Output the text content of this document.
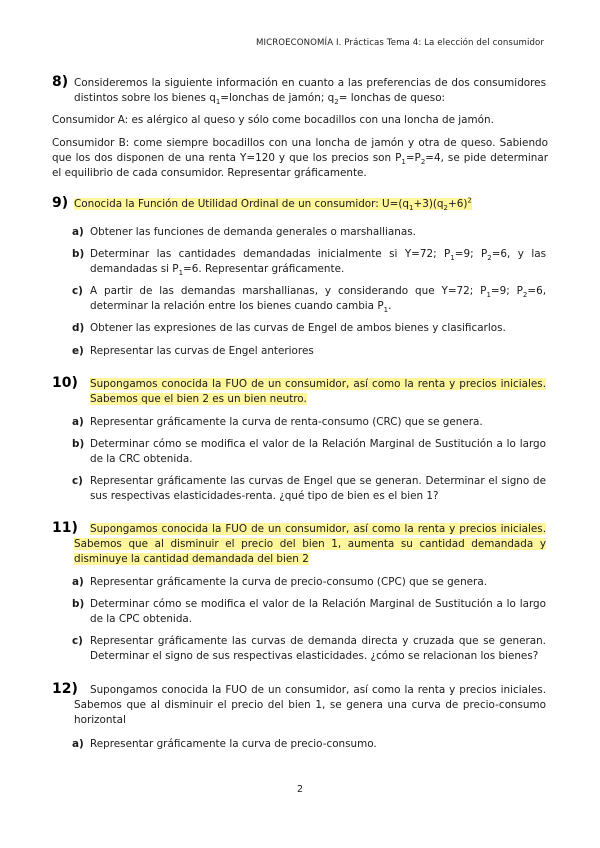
MICROECONOMÍA I. Prácticas Tema 4: La elección del consumidor
8) Consideremos la siguiente información en cuanto a las preferencias de dos consumidores distintos sobre los bienes $q_1=lonchas$ de jamón; $q_2=$ lonchas de queso:
Consumidor A: es alérgico al queso y sólo come bocadillos con una loncha de jamón.
Consumidor B: come siempre bocadillos con una loncha de jamón y otra de queso. Sabiendo que los dos disponen de una renta Y=120 y que los precios son $P_1=P_2=4$, se pide determinar el equilibrio de cada consumidor. Representar gráficamente.
9) Conocida la Función de Utilidad Ordinal de un consumidor: $U=(q_1+3)(q_2+6)^2$
a) Obtener las funciones de demanda generales o marshallianas.
b) Determinar las cantidades demandadas inicialmente si Y=72; $P_1=9$; $P_2=6$, y las demandadas si $P_1=6$. Representar gráficamente.
c) A partir de las demandas marshallianas, y considerando que Y=72; $P_1=9$; $P_2=6$, determinar la relación entre los bienes cuando cambia $P_1$.
d) Obtener las expresiones de las curvas de Engel de ambos bienes y clasificarlos.
e) Representar las curvas de Engel anteriores
10) Supongamos conocida la FUO de un consumidor, así como la renta y precios iniciales. Sabemos que el bien 2 es un bien neutro.
a) Representar gráficamente la curva de renta-consumo (CRC) que se genera.
b) Determinar cómo se modifica el valor de la Relación Marginal de Sustitución a lo largo de la CRC obtenida.
c) Representar gráficamente las curvas de Engel que se generan. Determinar el signo de sus respectivas elasticidades-renta. ¿qué tipo de bien es el bien 1?
11)	Supongamos conocida la FUO de un consumidor, así como la renta y precios iniciales. Sabemos que al disminuir el precio del bien 1, aumenta su cantidad demandada y disminuye la cantidad demandada del bien 2
a) Representar gráficamente la curva de precio-consumo (CPC) que se genera.
b) Determinar cómo se modifica el valor de la Relación Marginal de Sustitución a lo largo de la CPC obtenida.
c) Representar gráficamente las curvas de demanda directa y cruzada que se generan. Determinar el signo de sus respectivas elasticidades. ¿cómo se relacionan los bienes?
12)	Supongamos conocida la FUO de un consumidor, así como la renta y precios iniciales. Sabemos que al disminuir el precio del bien 1, se genera una curva de precio-consumo horizontal
a) Representar gráficamente la curva de precio-consumo.
2
